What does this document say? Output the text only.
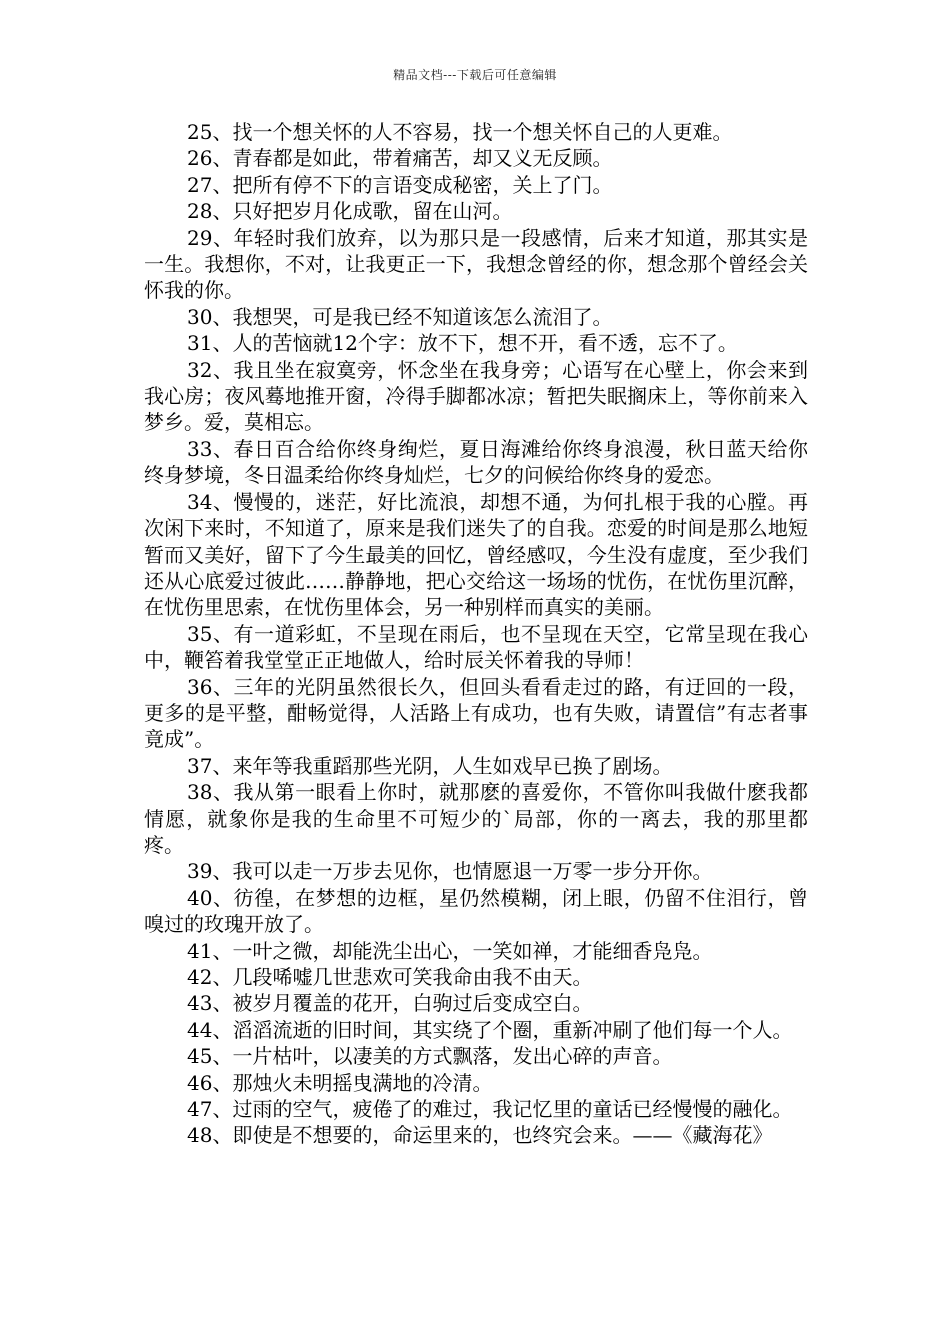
精品文档---下载后可任意编辑

25、找一个想关怀的人不容易，找一个想关怀自己的人更难。

26、青春都是如此，带着痛苦，却又义无反顾。

27、把所有停不下的言语变成秘密，关上了门。

28、只好把岁月化成歌，留在山河。

29、年轻时我们放弃，以为那只是一段感情，后来才知道，那其实是一生。我想你，不对，让我更正一下，我想念曾经的你，想念那个曾经会关怀我的你。

30、我想哭，可是我已经不知道该怎么流泪了。

31、人的苦恼就12个字：放不下，想不开，看不透，忘不了。

32、我且坐在寂寞旁，怀念坐在我身旁；心语写在心壁上，你会来到我心房；夜风蓦地推开窗，冷得手脚都冰凉；暂把失眠搁床上，等你前来入梦乡。爱，莫相忘。

33、春日百合给你终身绚烂，夏日海滩给你终身浪漫，秋日蓝天给你终身梦境，冬日温柔给你终身灿烂，七夕的问候给你终身的爱恋。

34、慢慢的，迷茫，好比流浪，却想不通，为何扎根于我的心膛。再次闲下来时，不知道了，原来是我们迷失了的自我。恋爱的时间是那么地短暂而又美好，留下了今生最美的回忆，曾经感叹，今生没有虚度，至少我们还从心底爱过彼此……静静地，把心交给这一场场的忧伤，在忧伤里沉醉，在忧伤里思索，在忧伤里体会，另一种别样而真实的美丽。

35、有一道彩虹，不呈现在雨后，也不呈现在天空，它常呈现在我心中，鞭笞着我堂堂正正地做人，给时辰关怀着我的导师！

36、三年的光阴虽然很长久，但回头看看走过的路，有迂回的一段，更多的是平整，酣畅觉得，人活路上有成功，也有失败，请置信”有志者事竟成”。

37、来年等我重蹈那些光阴，人生如戏早已换了剧场。

38、我从第一眼看上你时，就那麽的喜爱你，不管你叫我做什麽我都情愿，就象你是我的生命里不可短少的`局部，你的一离去，我的那里都疼。

39、我可以走一万步去见你，也情愿退一万零一步分开你。

40、彷徨，在梦想的边框，星仍然模糊，闭上眼，仍留不住泪行，曾嗅过的玫瑰开放了。

41、一叶之微，却能洗尘出心，一笑如禅，才能细香凫凫。

42、几段唏嘘几世悲欢可笑我命由我不由天。

43、被岁月覆盖的花开，白驹过后变成空白。

44、滔滔流逝的旧时间，其实绕了个圈，重新冲刷了他们每一个人。

45、一片枯叶，以凄美的方式飘落，发出心碎的声音。

46、那烛火未明摇曳满地的冷清。

47、过雨的空气，疲倦了的难过，我记忆里的童话已经慢慢的融化。

48、即使是不想要的，命运里来的，也终究会来。——《藏海花》
